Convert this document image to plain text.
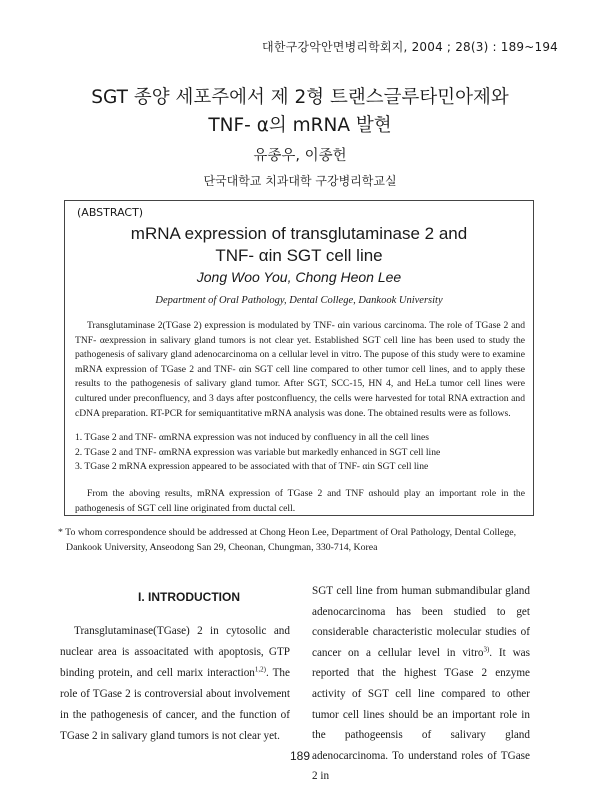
대한구강악안면병리학회지, 2004 ; 28(3) : 189~194
SGT 종양 세포주에서 제 2형 트랜스글루타민아제와
TNF- α의 mRNA 발현
유종우, 이종헌
단국대학교 치과대학 구강병리학교실
(ABSTRACT)
mRNA expression of transglutaminase 2 and
TNF- αin SGT cell line
Jong Woo You, Chong Heon Lee
Department of Oral Pathology, Dental College, Dankook University

Transglutaminase 2(TGase 2) expression is modulated by TNF- αin various carcinoma. The role of TGase 2 and TNF- αexpression in salivary gland tumors is not clear yet. Established SGT cell line has been used to study the pathogenesis of salivary gland adenocarcinoma on a cellular level in vitro. The pupose of this study were to examine mRNA expression of TGase 2 and TNF- αin SGT cell line compared to other tumor cell lines, and to apply these results to the pathogenesis of salivary gland tumor. After SGT, SCC-15, HN 4, and HeLa tumor cell lines were cultured under preconfluency, and 3 days after postconfluency, the cells were harvested for total RNA extraction and cDNA preparation. RT-PCR for semiquantitative mRNA analysis was done. The obtained results were as follows.

1. TGase 2 and TNF- αmRNA expression was not induced by confluency in all the cell lines
2. TGase 2 and TNF- αmRNA expression was variable but markedly enhanced in SGT cell line
3. TGase 2 mRNA expression appeared to be associated with that of TNF- αin SGT cell line

From the aboving results, mRNA expression of TGase 2 and TNF αshould play an important role in the pathogenesis of SGT cell line originated from ductal cell.

* To whom correspondence should be addressed at Chong Heon Lee, Department of Oral Pathology, Dental College,
Dankook University, Anseodong San 29, Cheonan, Chungman, 330-714, Korea
I. INTRODUCTION

Transglutaminase(TGase) 2 in cytosolic and nuclear area is assoacitated with apoptosis, GTP binding protein, and cell marix interaction$^{1,2)}$. The role of TGase 2 is controversial about involvement in the pathogenesis of cancer, and the function of TGase 2 in salivary gland tumors is not clear yet.

SGT cell line from human submandibular gland adenocarcinoma has been studied to get considerable characteristic molecular studies of cancer on a cellular level in vitro$^{3)}$. It was reported that the highest TGase 2 enzyme activity of SGT cell line compared to other tumor cell lines should be an important role in the pathogeensis of salivary gland adenocarcinoma. To understand roles of TGase 2 in

189
